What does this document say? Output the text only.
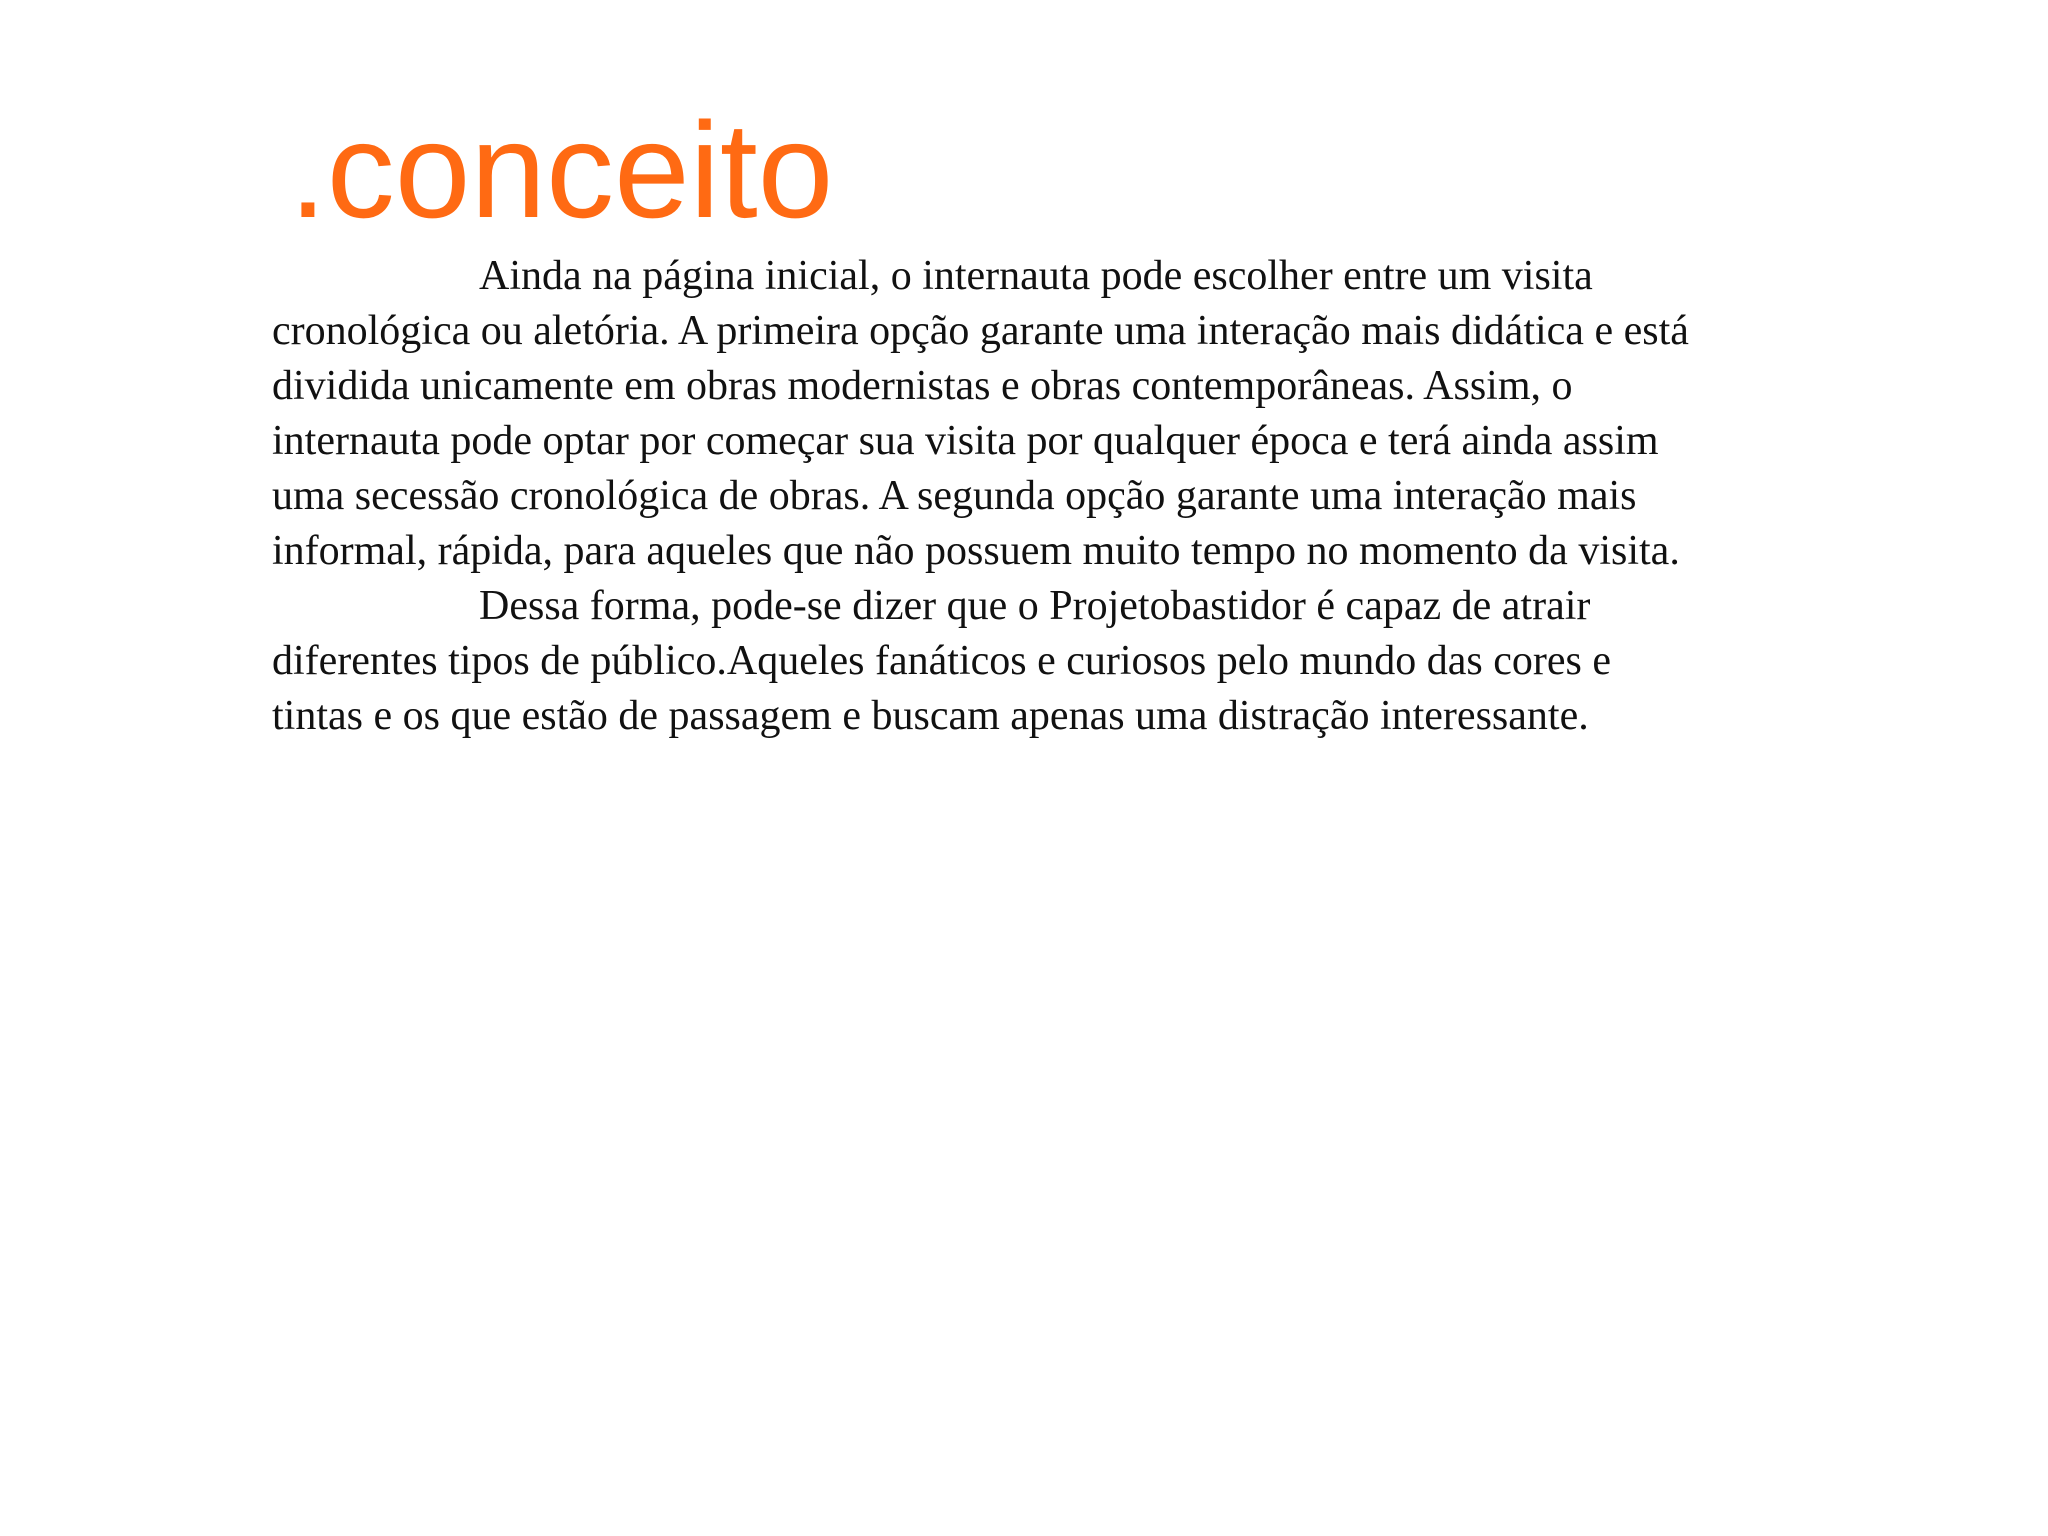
.conceito

Ainda na página inicial, o internauta pode escolher entre um visita

cronológica ou aletória. A primeira opção garante uma interação mais didática e está

dividida unicamente em obras modernistas e obras contemporâneas. Assim, o

internauta pode optar por começar sua visita por qualquer época e terá ainda assim

uma secessão cronológica de obras. A segunda opção garante uma interação mais

informal, rápida, para aqueles que não possuem muito tempo no momento da visita.

Dessa forma, pode-se dizer que o Projetobastidor é capaz de atrair

diferentes tipos de público.Aqueles fanáticos e curiosos pelo mundo das cores e

tintas e os que estão de passagem e buscam apenas uma distração interessante.
